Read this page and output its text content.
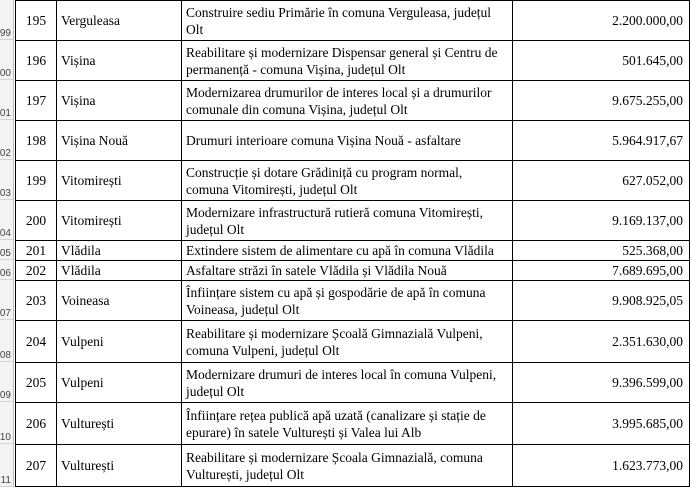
99
00
01
02
03
04
05
06
07
08
09
10
11
195	Verguleasa	Construire sediu Primărie în comuna Verguleasa, județul Olt	2.200.000,00
196	Vișina	Reabilitare și modernizare Dispensar general și Centru de permanență - comuna Vișina, județul Olt	501.645,00
197	Vișina	Modernizarea drumurilor de interes local și a drumurilor comunale din comuna Vișina, județul Olt	9.675.255,00
198	Vișina Nouă	Drumuri interioare comuna Vișina Nouă - asfaltare	5.964.917,67
199	Vitomirești	Construcție și dotare Grădiniță cu program normal, comuna Vitomirești, județul Olt	627.052,00
200	Vitomirești	Modernizare infrastructură rutieră comuna Vitomirești, județul Olt	9.169.137,00
201	Vlădila	Extindere sistem de alimentare cu apă în comuna Vlădila	525.368,00
202	Vlădila	Asfaltare străzi în satele Vlădila și Vlădila Nouă	7.689.695,00
203	Voineasa	Înființare sistem cu apă și gospodărie de apă în comuna Voineasa, județul Olt	9.908.925,05
204	Vulpeni	Reabilitare și modernizare Școală Gimnazială Vulpeni, comuna Vulpeni, județul Olt	2.351.630,00
205	Vulpeni	Modernizare drumuri de interes local în comuna Vulpeni, județul Olt	9.396.599,00
206	Vulturești	Înființare rețea publică apă uzată (canalizare și stație de epurare) în satele Vulturești și Valea lui Alb	3.995.685,00
207	Vulturești	Reabilitare și modernizare Școala Gimnazială, comuna Vulturești, județul Olt	1.623.773,00
